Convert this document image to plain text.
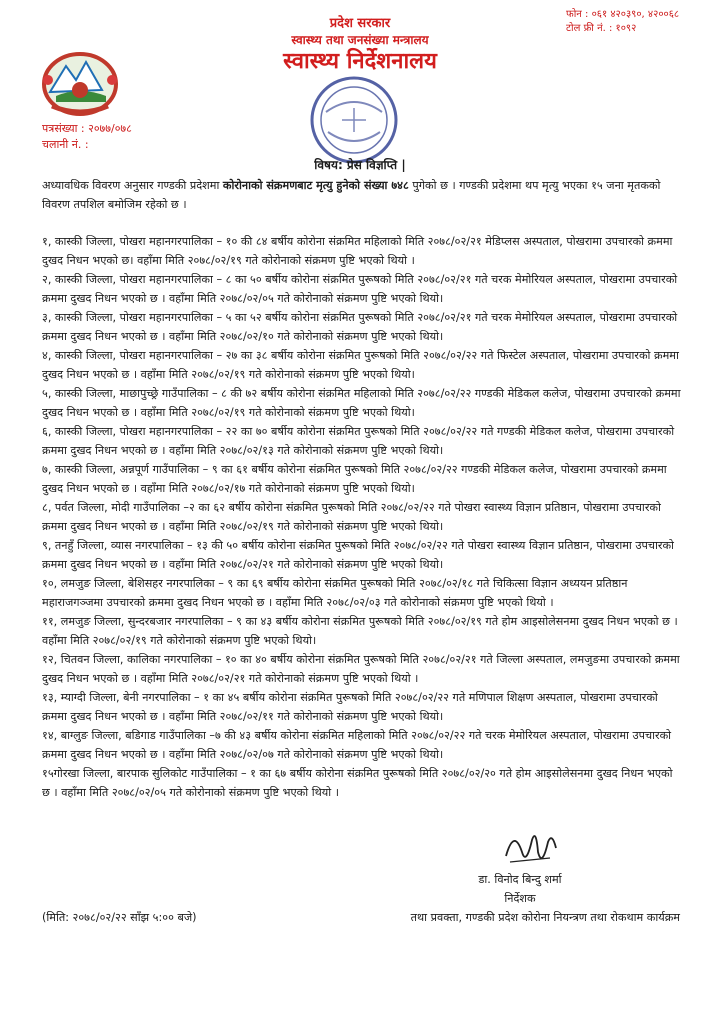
फोन : ०६१ ४२०३९०, ४२००६८
टोल फ्री नं. : १०९२
प्रदेश सरकार
स्वास्थ्य तथा जनसंख्या मन्त्रालय
स्वास्थ्य निर्देशनालय
पत्रसंख्या : २०७७/०७८
चलानी नं. :
विषय: प्रेस विज्ञप्ति |

अध्यावधिक विवरण अनुसार गण्डकी प्रदेशमा कोरोनाको संक्रमणबाट मृत्यु हुनेको संख्या ७४८ पुगेको छ । गण्डकी प्रदेशमा थप मृत्यु भएका १५ जना मृतकको विवरण तपशिल बमोजिम रहेको छ ।

१, कास्की जिल्ला, पोखरा महानगरपालिका – १० की ८४ बर्षीय कोरोना संक्रमित महिलाको मिति २०७८/०२/२१ मेडिप्लस अस्पताल, पोखरामा उपचारको क्रममा दुखद निधन भएको छ। वहाँमा मिति २०७८/०२/१९ गते कोरोनाको संक्रमण पुष्टि भएको थियो ।

२, कास्की जिल्ला, पोखरा महानगरपालिका – ८ का ५० बर्षीय कोरोना संक्रमित पुरूषको मिति २०७८/०२/२१ गते चरक मेमोरियल अस्पताल, पोखरामा उपचारको क्रममा दुखद निधन भएको छ । वहाँमा मिति २०७८/०२/०५ गते कोरोनाको संक्रमण पुष्टि भएको थियो।

३, कास्की जिल्ला, पोखरा महानगरपालिका – ५ का ५२ बर्षीय कोरोना संक्रमित पुरूषको मिति २०७८/०२/२१ गते चरक मेमोरियल अस्पताल, पोखरामा उपचारको क्रममा दुखद निधन भएको छ । वहाँमा मिति २०७८/०२/१० गते कोरोनाको संक्रमण पुष्टि भएको थियो।

४, कास्की जिल्ला, पोखरा महानगरपालिका – २७ का ३८ बर्षीय कोरोना संक्रमित पुरूषको मिति २०७८/०२/२२ गते फिस्टेल अस्पताल, पोखरामा उपचारको क्रममा दुखद निधन भएको छ । वहाँमा मिति २०७८/०२/१९ गते कोरोनाको संक्रमण पुष्टि भएको थियो।

५, कास्की जिल्ला, माछापुच्छ्रे गाउँपालिका – ८ की ७२ बर्षीय कोरोना संक्रमित महिलाको मिति २०७८/०२/२२ गण्डकी मेडिकल कलेज, पोखरामा उपचारको क्रममा दुखद निधन भएको छ । वहाँमा मिति २०७८/०२/१९ गते कोरोनाको संक्रमण पुष्टि भएको थियो।

६, कास्की जिल्ला, पोखरा महानगरपालिका – २२ का ७० बर्षीय कोरोना संक्रमित पुरूषको मिति २०७८/०२/२२ गते गण्डकी मेडिकल कलेज, पोखरामा उपचारको क्रममा दुखद निधन भएको छ । वहाँमा मिति २०७८/०२/१३ गते कोरोनाको संक्रमण पुष्टि भएको थियो।

७, कास्की जिल्ला, अन्नपूर्ण गाउँपालिका – ९ का ६१ बर्षीय कोरोना संक्रमित पुरूषको मिति २०७८/०२/२२ गण्डकी मेडिकल कलेज, पोखरामा उपचारको क्रममा दुखद निधन भएको छ । वहाँमा मिति २०७८/०२/१७ गते कोरोनाको संक्रमण पुष्टि भएको थियो।

८, पर्वत जिल्ला, मोदी गाउँपालिका –२ का ६२ बर्षीय कोरोना संक्रमित पुरूषको मिति २०७८/०२/२२ गते पोखरा स्वास्थ्य विज्ञान प्रतिष्ठान, पोखरामा उपचारको क्रममा दुखद निधन भएको छ । वहाँमा मिति २०७८/०२/१९ गते कोरोनाको संक्रमण पुष्टि भएको थियो।

९, तनहुँ जिल्ला, व्यास नगरपालिका – १३ की ५० बर्षीय कोरोना संक्रमित पुरूषको मिति २०७८/०२/२२ गते पोखरा स्वास्थ्य विज्ञान प्रतिष्ठान, पोखरामा उपचारको क्रममा दुखद निधन भएको छ । वहाँमा मिति २०७८/०२/२१ गते कोरोनाको संक्रमण पुष्टि भएको थियो।

१०, लमजुङ जिल्ला, बेशिसहर नगरपालिका – ९ का ६९ बर्षीय कोरोना संक्रमित पुरूषको मिति २०७८/०२/१८ गते चिकित्सा विज्ञान अध्ययन प्रतिष्ठान महाराजगञ्जमा उपचारको क्रममा दुखद निधन भएको छ । वहाँमा मिति २०७८/०२/०३ गते कोरोनाको संक्रमण पुष्टि भएको थियो ।

११, लमजुङ जिल्ला, सुन्दरबजार नगरपालिका – ९ का ४३ बर्षीय कोरोना संक्रमित पुरूषको मिति २०७८/०२/१९ गते होम आइसोलेसनमा दुखद निधन भएको छ । वहाँमा मिति २०७८/०२/१९ गते कोरोनाको संक्रमण पुष्टि भएको थियो।

१२, चितवन जिल्ला, कालिका नगरपालिका – १० का ४० बर्षीय कोरोना संक्रमित पुरूषको मिति २०७८/०२/२१ गते जिल्ला अस्पताल, लमजुङमा उपचारको क्रममा दुखद निधन भएको छ । वहाँमा मिति २०७८/०२/२१ गते कोरोनाको संक्रमण पुष्टि भएको थियो ।

१३, म्याग्दी जिल्ला, बेनी नगरपालिका – १ का ४५ बर्षीय कोरोना संक्रमित पुरूषको मिति २०७८/०२/२२ गते मणिपाल शिक्षण अस्पताल, पोखरामा उपचारको क्रममा दुखद निधन भएको छ । वहाँमा मिति २०७८/०२/११ गते कोरोनाको संक्रमण पुष्टि भएको थियो।

१४, बाग्लुङ जिल्ला, बडिगाड गाउँपालिका –७ की ४३ बर्षीय कोरोना संक्रमित महिलाको मिति २०७८/०२/२२ गते चरक मेमोरियल अस्पताल, पोखरामा उपचारको क्रममा दुखद निधन भएको छ । वहाँमा मिति २०७८/०२/०७ गते कोरोनाको संक्रमण पुष्टि भएको थियो।

१५गोरखा जिल्ला, बारपाक सुलिकोट गाउँपालिका – १ का ६७ बर्षीय कोरोना संक्रमित पुरूषको मिति २०७८/०२/२० गते होम आइसोलेसनमा दुखद निधन भएको छ । वहाँमा मिति २०७८/०२/०५ गते कोरोनाको संक्रमण पुष्टि भएको थियो ।

डा. विनोद बिन्दु शर्मा
निर्देशक
(मिति: २०७८/०२/२२ साँझ ५:०० बजे)	तथा प्रवक्ता, गण्डकी प्रदेश कोरोना नियन्त्रण तथा रोकथाम कार्यक्रम
